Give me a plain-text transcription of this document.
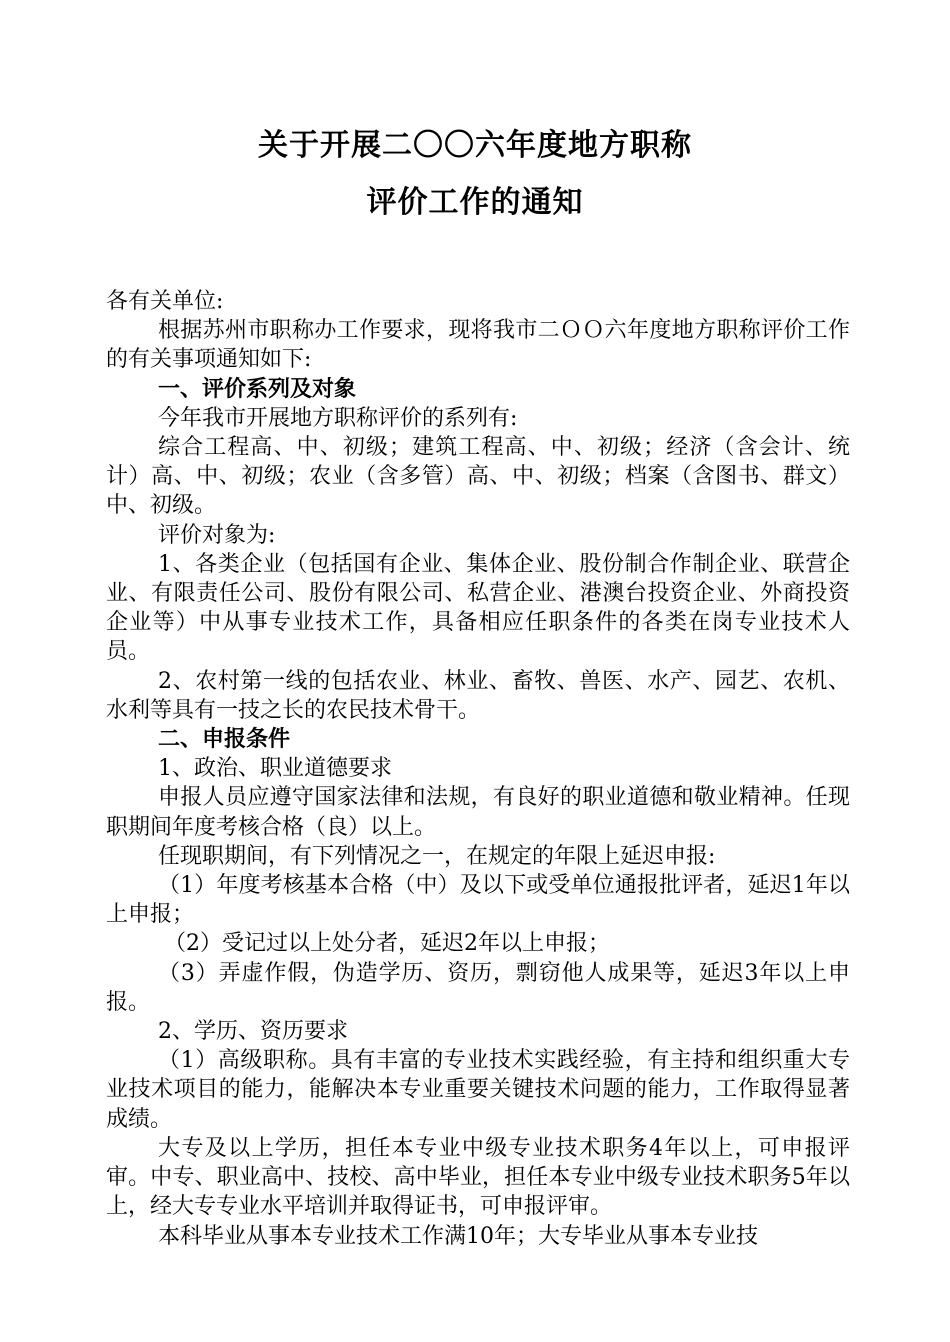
关于开展二〇〇六年度地方职称
评价工作的通知

各有关单位:

根据苏州市职称办工作要求，现将我市二ＯＯ六年度地方职称评价工作的有关事项通知如下:

一、评价系列及对象

今年我市开展地方职称评价的系列有:

综合工程高、中、初级；建筑工程高、中、初级；经济（含会计、统计）高、中、初级；农业（含多管）高、中、初级；档案（含图书、群文）中、初级。

评价对象为:

1、各类企业（包括国有企业、集体企业、股份制合作制企业、联营企业、有限责任公司、股份有限公司、私营企业、港澳台投资企业、外商投资企业等）中从事专业技术工作，具备相应任职条件的各类在岗专业技术人员。

2、农村第一线的包括农业、林业、畜牧、兽医、水产、园艺、农机、水利等具有一技之长的农民技术骨干。

二、申报条件

1、政治、职业道德要求

申报人员应遵守国家法律和法规，有良好的职业道德和敬业精神。任现职期间年度考核合格（良）以上。

任现职期间，有下列情况之一，在规定的年限上延迟申报:

（1）年度考核基本合格（中）及以下或受单位通报批评者，延迟1年以上申报；

（2）受记过以上处分者，延迟2年以上申报；

（3）弄虚作假，伪造学历、资历，剽窃他人成果等，延迟3年以上申报。

2、学历、资历要求

（1）高级职称。具有丰富的专业技术实践经验，有主持和组织重大专业技术项目的能力，能解决本专业重要关键技术问题的能力，工作取得显著成绩。

大专及以上学历，担任本专业中级专业技术职务4年以上，可申报评审。中专、职业高中、技校、高中毕业，担任本专业中级专业技术职务5年以上，经大专专业水平培训并取得证书，可申报评审。

本科毕业从事本专业技术工作满10年；大专毕业从事本专业技
